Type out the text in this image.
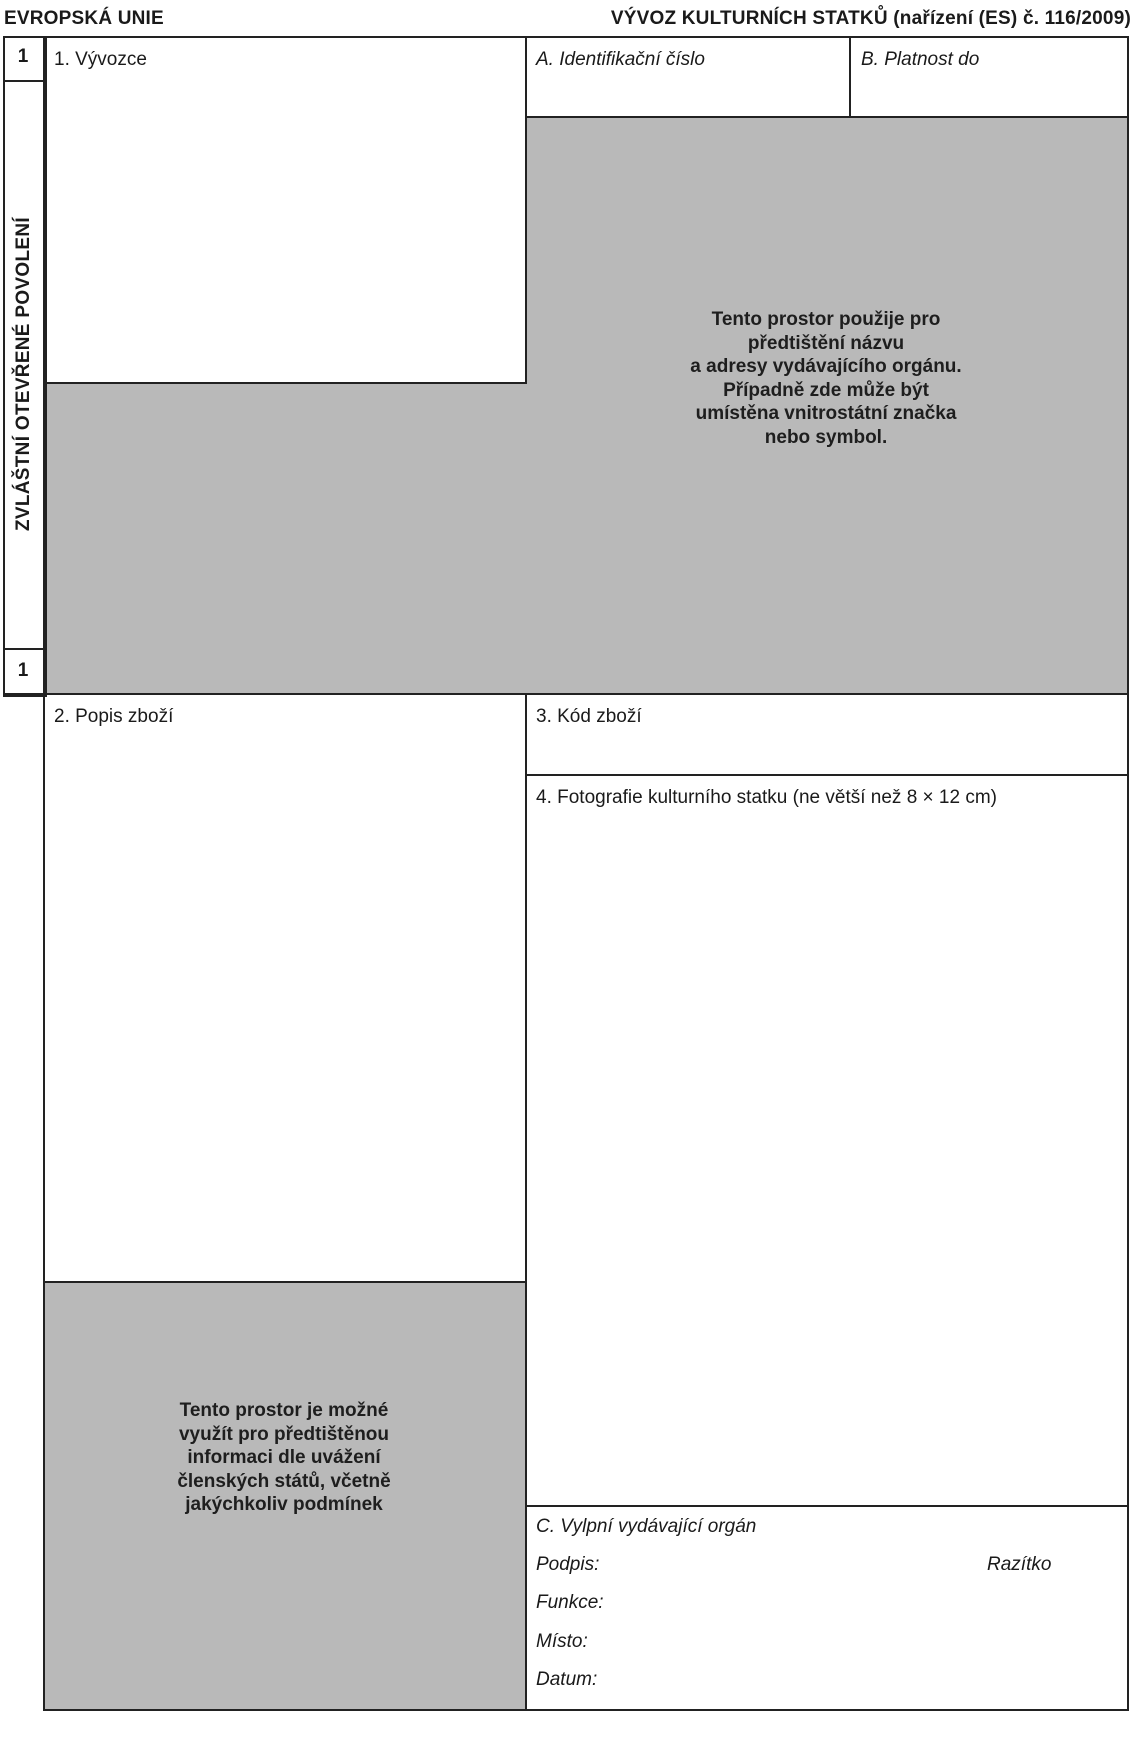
EVROPSKÁ UNIE	VÝVOZ KULTURNÍCH STATKŮ (nařízení (ES) č. 116/2009)
1
1
ZVLÁŠTNÍ OTEVŘENÉ POVOLENÍ
1. Vývozce	A. Identifikační číslo	B. Platnost do
2. Popis zboží	3. Kód zboží
4. Fotografie kulturního statku (ne větší než 8 × 12 cm)
C. Vylpní vydávající orgán
Podpis:	Razítko
Funkce:
Místo:
Datum:
Tento prostor použije pro
předtištění názvu
a adresy vydávajícího orgánu.
Případně zde může být
umístěna vnitrostátní značka
nebo symbol.
Tento prostor je možné
využít pro předtištěnou
informaci dle uvážení
členských států, včetně
jakýchkoliv podmínek
